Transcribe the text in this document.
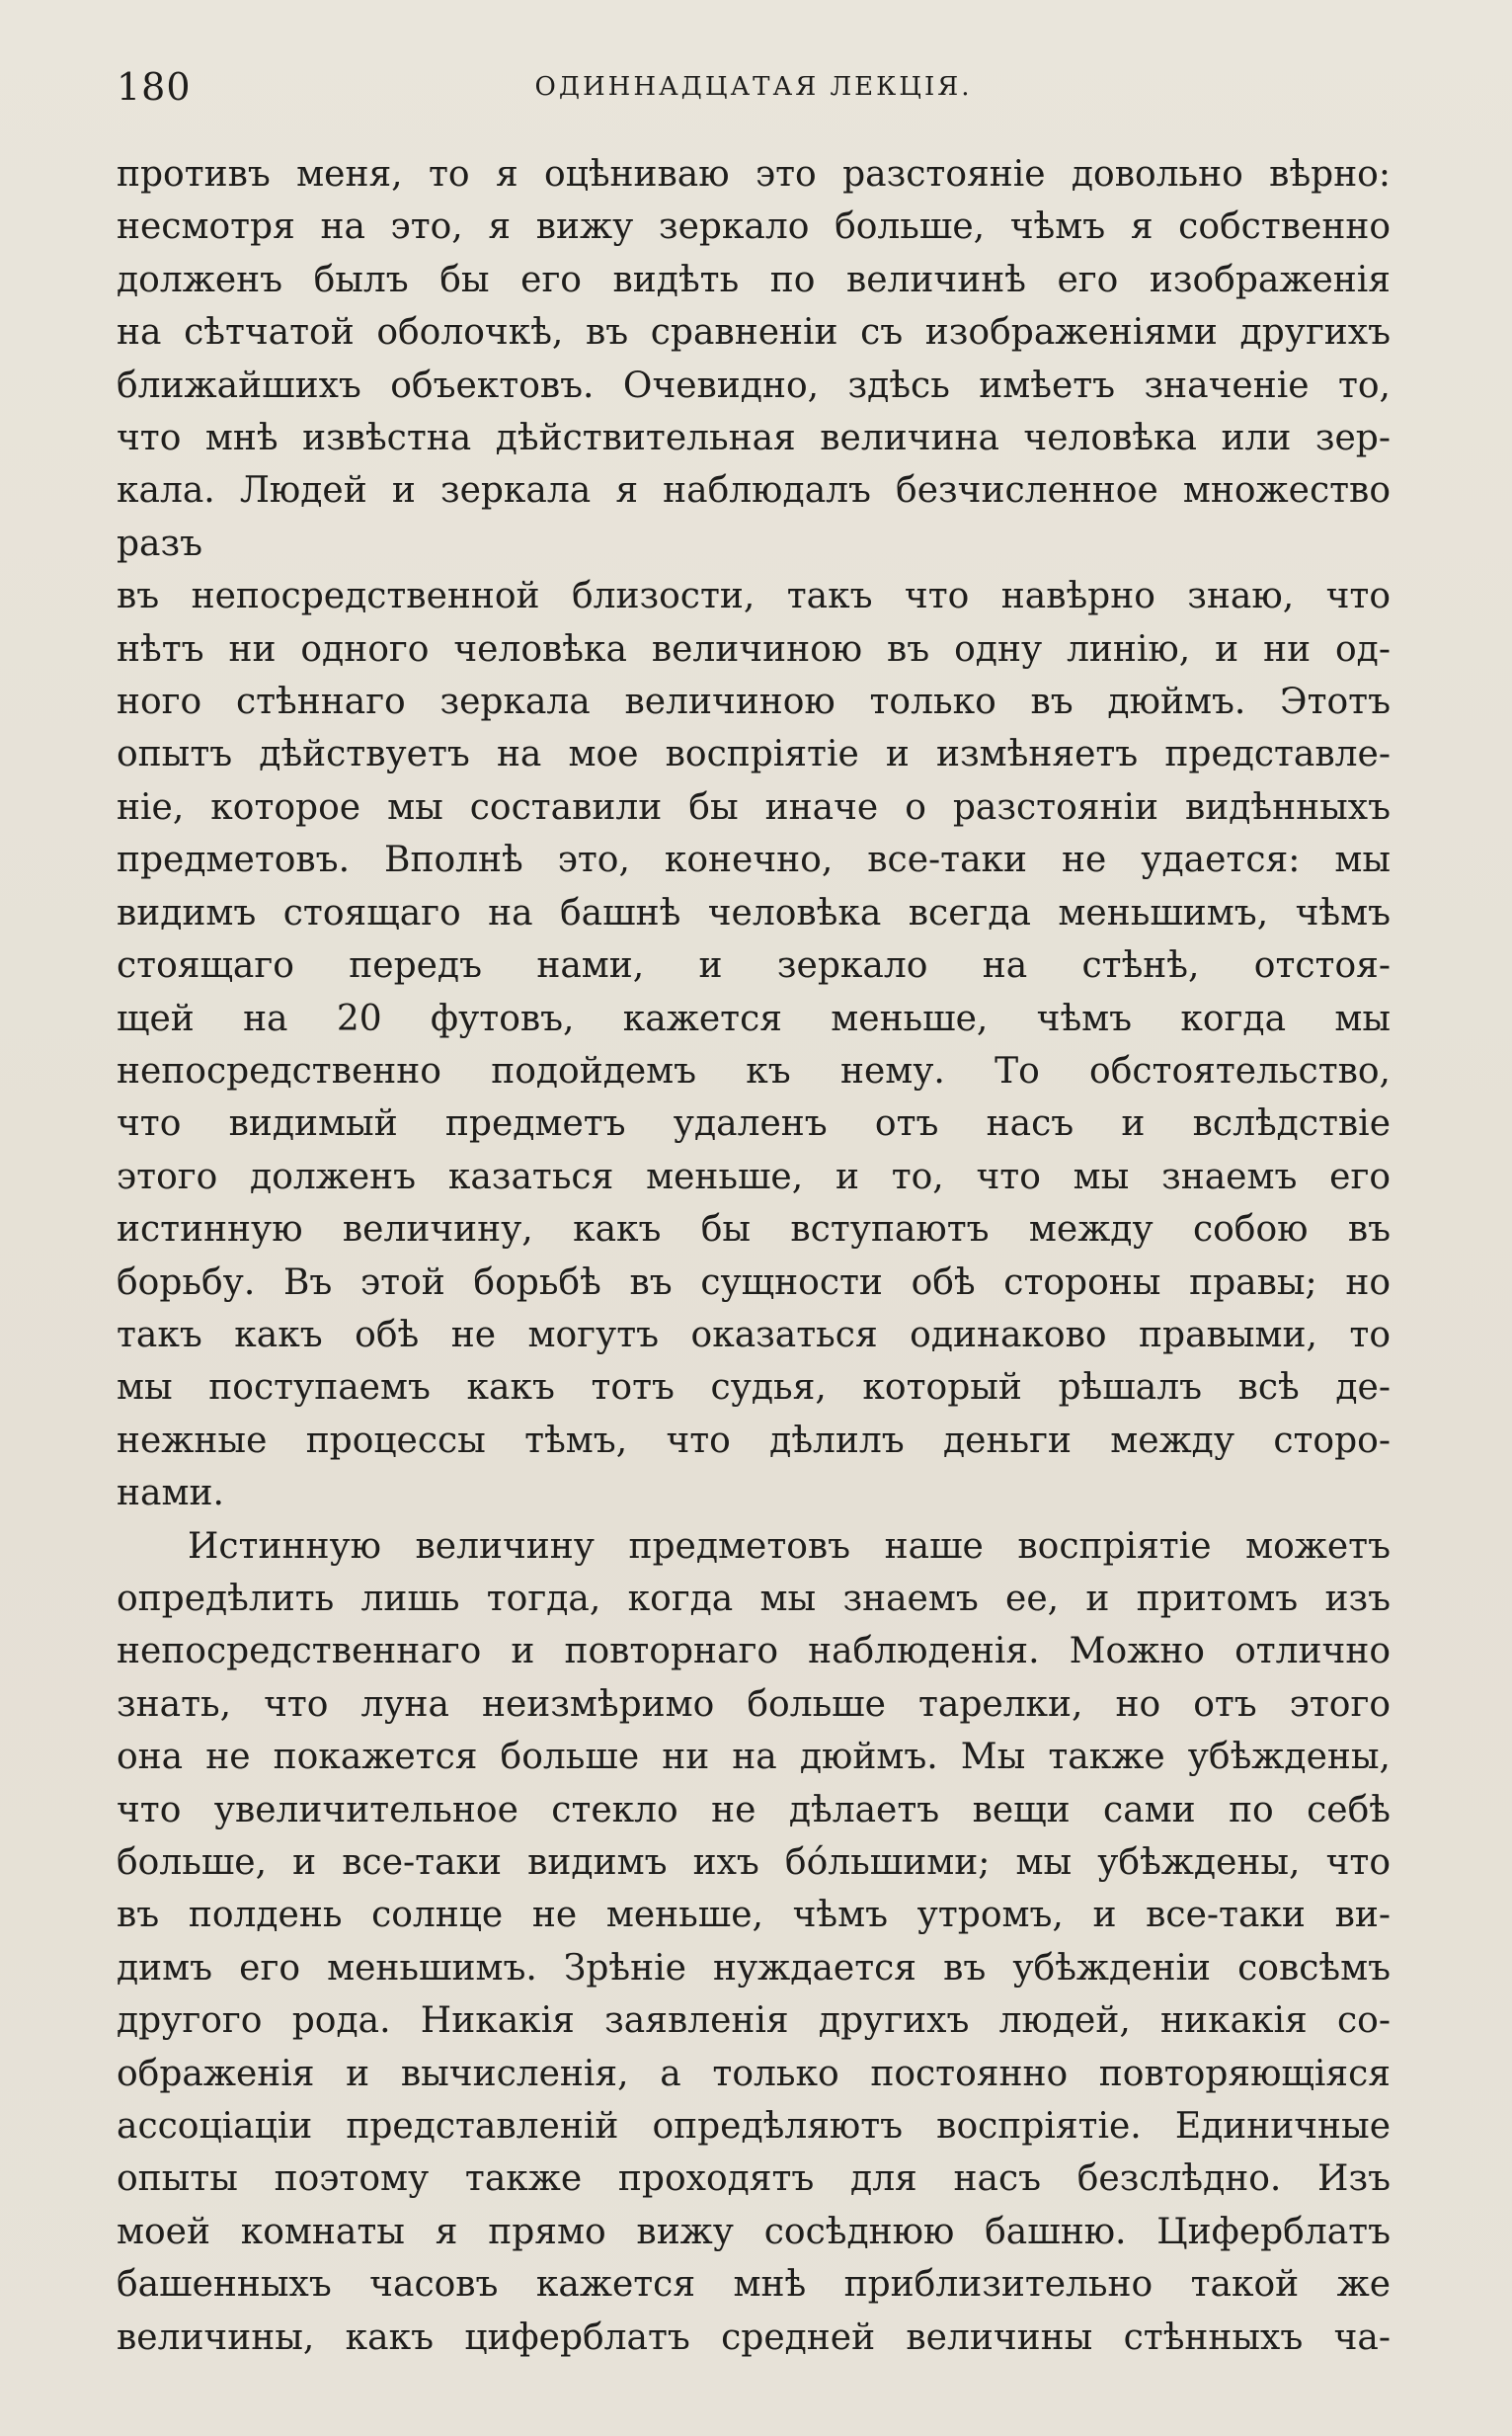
180	ОДИННАДЦАТАЯ ЛЕКЦІЯ.

противъ меня, то я оцѣниваю это разстояніе довольно вѣрно:

несмотря на это, я вижу зеркало больше, чѣмъ я собственно

долженъ былъ бы его видѣть по величинѣ его изображенія

на сѣтчатой оболочкѣ, въ сравненіи съ изображеніями другихъ

ближайшихъ объектовъ. Очевидно, здѣсь имѣетъ значеніе то,

что мнѣ извѣстна дѣйствительная величина человѣка или зер-

кала. Людей и зеркала я наблюдалъ безчисленное множество разъ

въ непосредственной близости, такъ что навѣрно знаю, что

нѣтъ ни одного человѣка величиною въ одну линію, и ни од-

ного стѣннаго зеркала величиною только въ дюймъ. Этотъ

опытъ дѣйствуетъ на мое воспріятіе и измѣняетъ представле-

ніе, которое мы составили бы иначе о разстояніи видѣнныхъ

предметовъ. Вполнѣ это, конечно, все-таки не удается: мы

видимъ стоящаго на башнѣ человѣка всегда меньшимъ, чѣмъ

стоящаго передъ нами, и зеркало на стѣнѣ, отстоя-

щей на 20 футовъ, кажется меньше, чѣмъ когда мы

непосредственно подойдемъ къ нему. То обстоятельство,

что видимый предметъ удаленъ отъ насъ и вслѣдствіе

этого долженъ казаться меньше, и то, что мы знаемъ его

истинную величину, какъ бы вступаютъ между собою въ

борьбу. Въ этой борьбѣ въ сущности обѣ стороны правы; но

такъ какъ обѣ не могутъ оказаться одинаково правыми, то

мы поступаемъ какъ тотъ судья, который рѣшалъ всѣ де-

нежные процессы тѣмъ, что дѣлилъ деньги между сторо-

нами.

Истинную величину предметовъ наше воспріятіе можетъ

опредѣлить лишь тогда, когда мы знаемъ ее, и притомъ изъ

непосредственнаго и повторнаго наблюденія. Можно отлично

знать, что луна неизмѣримо больше тарелки, но отъ этого

она не покажется больше ни на дюймъ. Мы также убѣждены,

что увеличительное стекло не дѣлаетъ вещи сами по себѣ

больше, и все-таки видимъ ихъ бо́льшими; мы убѣждены, что

въ полдень солнце не меньше, чѣмъ утромъ, и все-таки ви-

димъ его меньшимъ. Зрѣніе нуждается въ убѣжденіи совсѣмъ

другого рода. Никакія заявленія другихъ людей, никакія со-

ображенія и вычисленія, а только постоянно повторяющіяся

ассоціаціи представленій опредѣляютъ воспріятіе. Единичные

опыты поэтому также проходятъ для насъ безслѣдно. Изъ

моей комнаты я прямо вижу сосѣднюю башню. Циферблатъ

башенныхъ часовъ кажется мнѣ приблизительно такой же

величины, какъ циферблатъ средней величины стѣнныхъ ча-
